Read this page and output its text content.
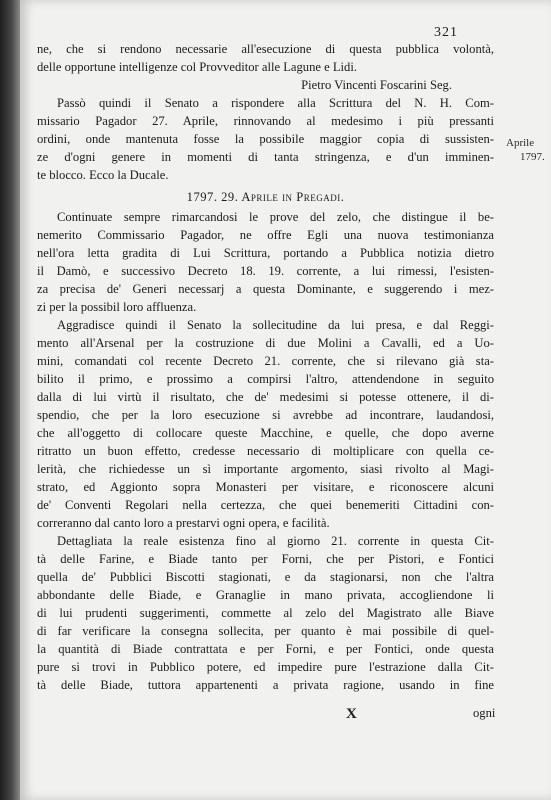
321
Aprile
1797.
ne, che si rendono necessarie all'esecuzione di questa pubblica volontà,
delle opportune intelligenze col Provveditor alle Lagune e Lidi.
Pietro Vincenti Foscarini Seg.
Passò quindi il Senato a rispondere alla Scrittura del N. H. Com-
missario Pagador 27. Aprile, rinnovando al medesimo i più pressanti
ordini, onde mantenuta fosse la possibile maggior copia di sussisten-
ze d'ogni genere in momenti di tanta stringenza, e d'un imminen-
te blocco. Ecco la Ducale.
1797. 29. Aprile in Pregadi.
Continuate sempre rimarcandosi le prove del zelo, che distingue il be-
nemerito Commissario Pagador, ne offre Egli una nuova testimonianza
nell'ora letta gradita di Lui Scrittura, portando a Pubblica notizia dietro
il Damò, e successivo Decreto 18. 19. corrente, a lui rimessi, l'esisten-
za precisa de' Generi necessarj a questa Dominante, e suggerendo i mez-
zi per la possibil loro affluenza.
Aggradisce quindi il Senato la sollecitudine da lui presa, e dal Reggi-
mento all'Arsenal per la costruzione di due Molini a Cavalli, ed a Uo-
mini, comandati col recente Decreto 21. corrente, che si rilevano già sta-
bilito il primo, e prossimo a compirsi l'altro, attendendone in seguito
dalla di lui virtù il risultato, che de' medesimi si potesse ottenere, il di-
spendio, che per la loro esecuzione si avrebbe ad incontrare, laudandosi,
che all'oggetto di collocare queste Macchine, e quelle, che dopo averne
ritratto un buon effetto, credesse necessario di moltiplicare con quella ce-
lerità, che richiedesse un sì importante argomento, siasi rivolto al Magi-
strato, ed Aggionto sopra Monasteri per visitare, e riconoscere alcuni
de' Conventi Regolari nella certezza, che quei benemeriti Cittadini con-
correranno dal canto loro a prestarvi ogni opera, e facilità.
Dettagliata la reale esistenza fino al giorno 21. corrente in questa Cit-
tà delle Farine, e Biade tanto per Forni, che per Pistori, e Fontici
quella de' Pubblici Biscotti stagionati, e da stagionarsi, non che l'altra
abbondante delle Biade, e Granaglie in mano privata, accogliendone li
di lui prudenti suggerimenti, commette al zelo del Magistrato alle Biave
di far verificare la consegna sollecita, per quanto è mai possibile di quel-
la quantità di Biade contrattata e per Forni, e per Fontici, onde questa
pure si trovi in Pubblico potere, ed impedire pure l'estrazione dalla Cit-
tà delle Biade, tuttora appartenenti a privata ragione, usando in fine
X	ogni
